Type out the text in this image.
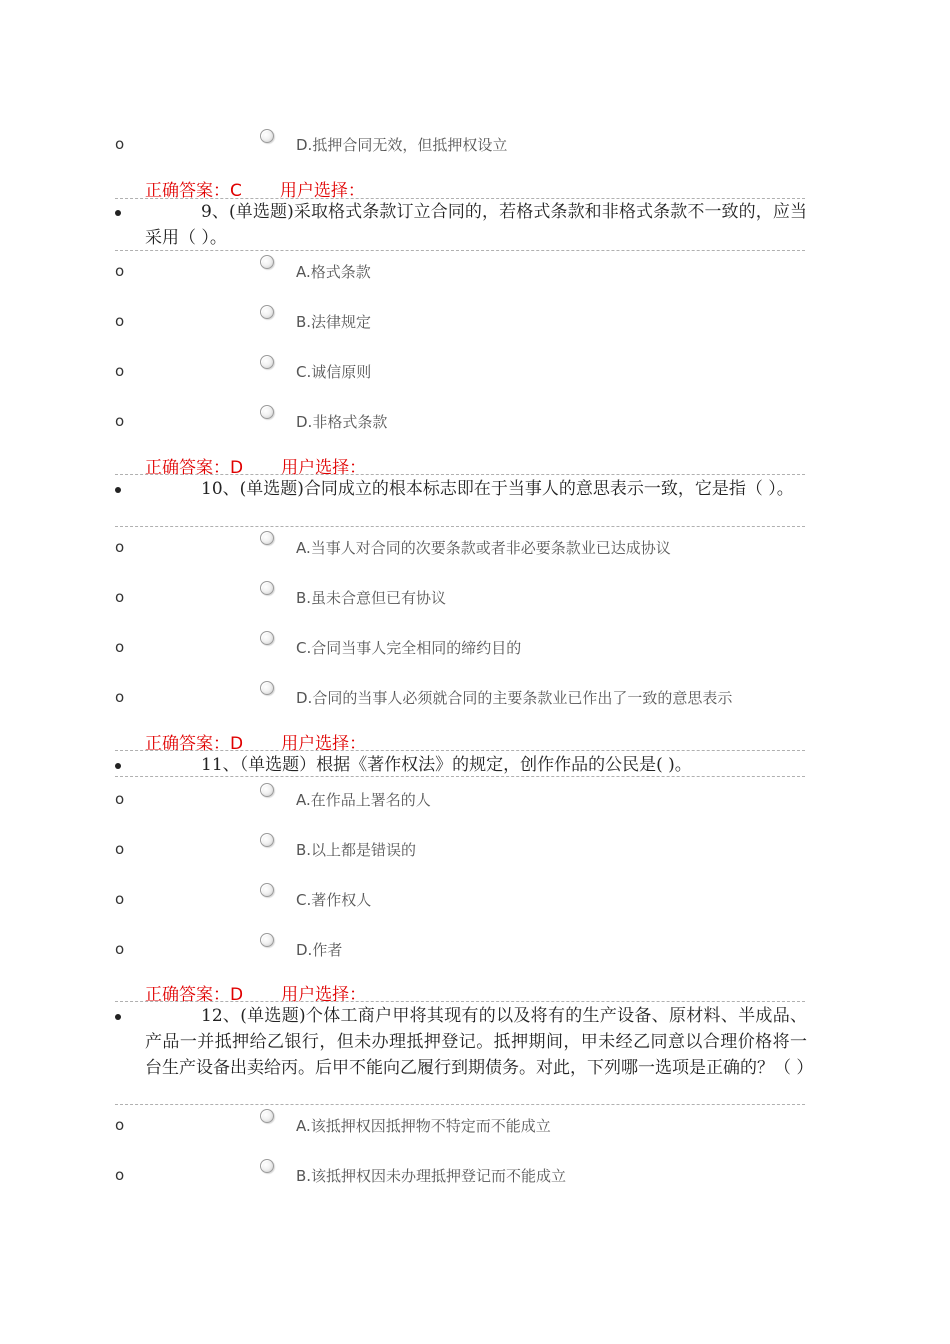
o	D.抵押合同无效，但抵押权设立
正确答案：C 用户选择：
9、(单选题)采取格式条款订立合同的，若格式条款和非格式条款不一致的，应当采用（ ）。
o	A.格式条款
o	B.法律规定
o	C.诚信原则
o	D.非格式条款
正确答案：D 用户选择：
10、(单选题)合同成立的根本标志即在于当事人的意思表示一致，它是指（ ）。
o	A.当事人对合同的次要条款或者非必要条款业已达成协议
o	B.虽未合意但已有协议
o	C.合同当事人完全相同的缔约目的
o	D.合同的当事人必须就合同的主要条款业已作出了一致的意思表示
正确答案：D 用户选择：
11、（单选题）根据《著作权法》的规定，创作作品的公民是( )。
o	A.在作品上署名的人
o	B.以上都是错误的
o	C.著作权人
o	D.作者
正确答案：D 用户选择：
12、(单选题)个体工商户甲将其现有的以及将有的生产设备、原材料、半成品、产品一并抵押给乙银行，但未办理抵押登记。抵押期间，甲未经乙同意以合理价格将一台生产设备出卖给丙。后甲不能向乙履行到期债务。对此，下列哪一选项是正确的？（ ）
o	A.该抵押权因抵押物不特定而不能成立
o	B.该抵押权因未办理抵押登记而不能成立
